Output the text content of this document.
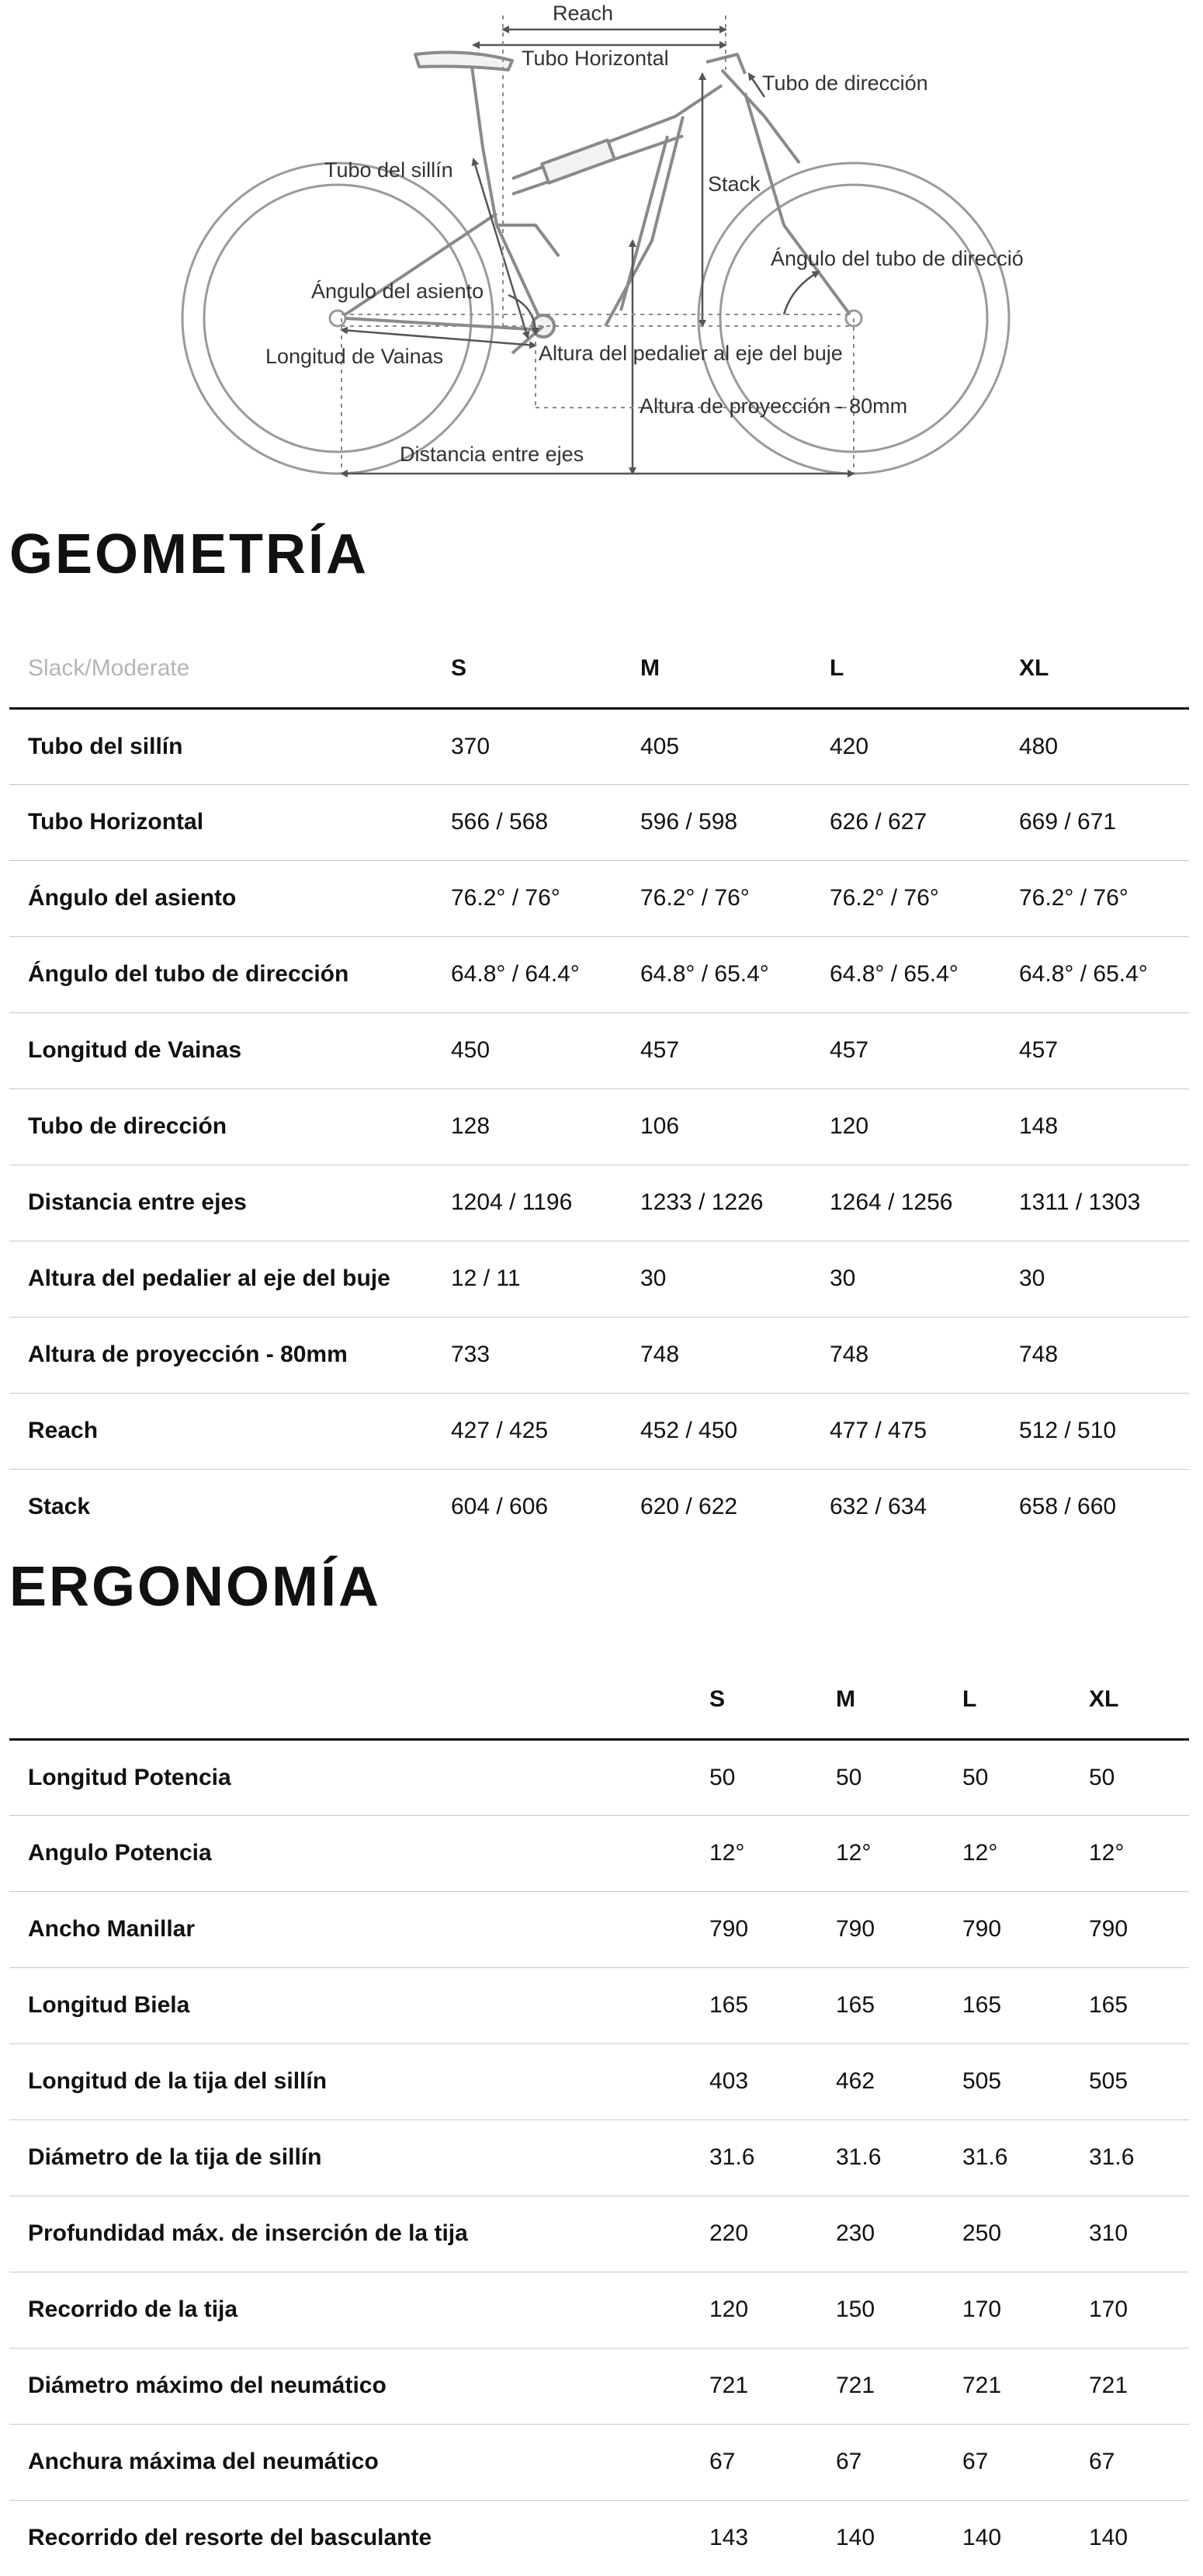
Reach
Tubo Horizontal
Tubo de dirección
Tubo del sillín
Stack
Ángulo del tubo de direcció
Ángulo del asiento
Longitud de Vainas	Altura del pedalier al eje del buje
Altura de proyección - 80mm
Distancia entre ejes
GEOMETRÍA
Slack/Moderate	S	M	L	XL
Tubo del sillín	370	405	420	480
Tubo Horizontal	566 / 568	596 / 598	626 / 627	669 / 671
Ángulo del asiento	76.2° / 76°	76.2° / 76°	76.2° / 76°	76.2° / 76°
Ángulo del tubo de dirección	64.8° / 64.4°	64.8° / 65.4°	64.8° / 65.4°	64.8° / 65.4°
Longitud de Vainas	450	457	457	457
Tubo de dirección	128	106	120	148
Distancia entre ejes	1204 / 1196	1233 / 1226	1264 / 1256	1311 / 1303
Altura del pedalier al eje del buje	12 / 11	30	30	30
Altura de proyección - 80mm	733	748	748	748
Reach	427 / 425	452 / 450	477 / 475	512 / 510
Stack	604 / 606	620 / 622	632 / 634	658 / 660
ERGONOMÍA
	S	M	L	XL
Longitud Potencia	50	50	50	50
Angulo Potencia	12°	12°	12°	12°
Ancho Manillar	790	790	790	790
Longitud Biela	165	165	165	165
Longitud de la tija del sillín	403	462	505	505
Diámetro de la tija de sillín	31.6	31.6	31.6	31.6
Profundidad máx. de inserción de la tija	220	230	250	310
Recorrido de la tija	120	150	170	170
Diámetro máximo del neumático	721	721	721	721
Anchura máxima del neumático	67	67	67	67
Recorrido del resorte del basculante	143	140	140	140
